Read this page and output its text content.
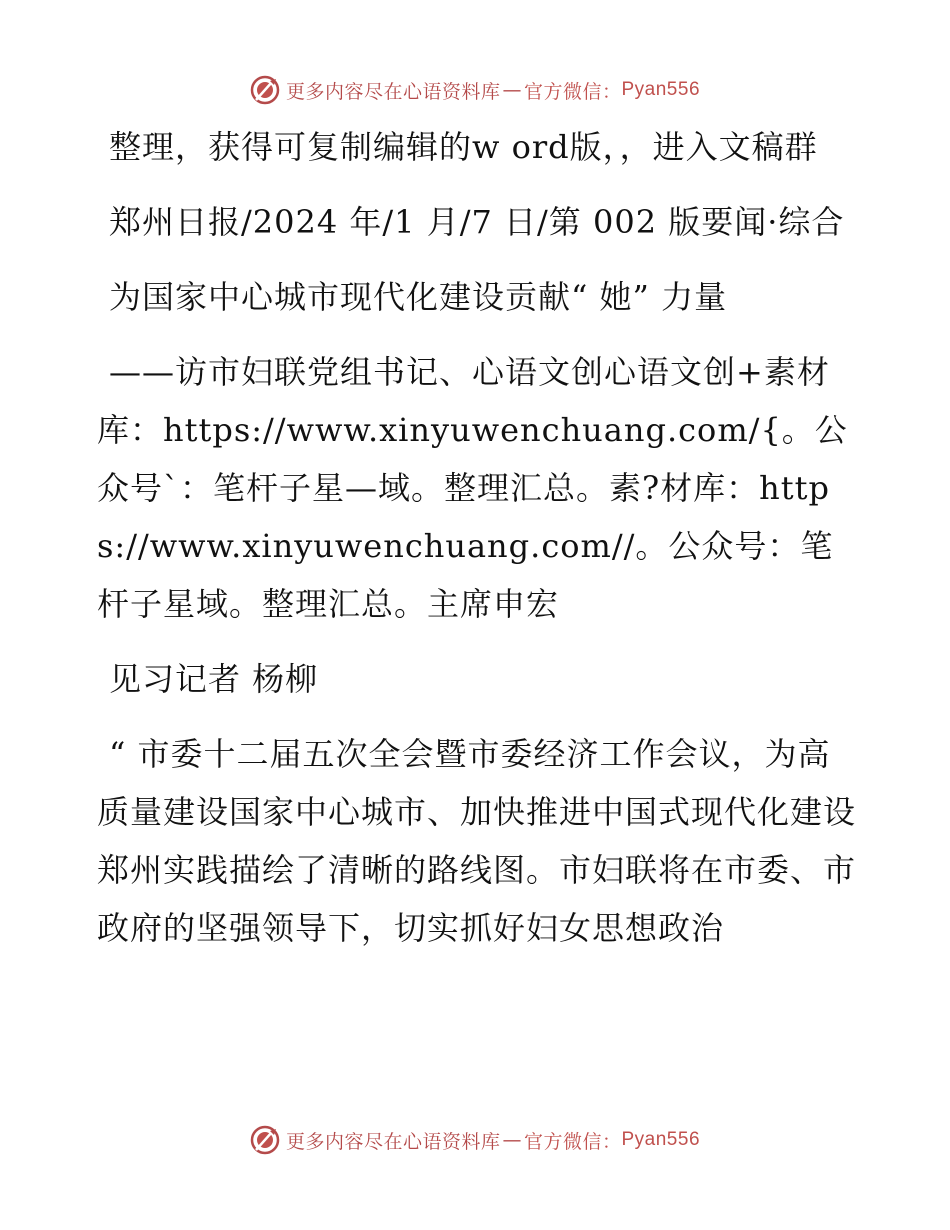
更多内容尽在心语资料库 — 官方微信： Pyan556

整理，获得可复制编辑的w ord版，，进入文稿群

郑州日报/2024 年/1 月/7 日/第 002 版要闻·综合

为国家中心城市现代化建设贡献“ 她” 力量

——访市妇联党组书记、心语文创心语文创+素材库：https://www.xinyuwenchuang.com/{。公众号`：笔杆子星—域。整理汇总。素?材库：https://www.xinyuwenchuang.com//。公众号：笔杆子星域。整理汇总。主席申宏

见习记者 杨柳

“ 市委十二届五次全会暨市委经济工作会议，为高质量建设国家中心城市、加快推进中国式现代化建设郑州实践描绘了清晰的路线图。市妇联将在市委、市政府的坚强领导下，切实抓好妇女思想政治

更多内容尽在心语资料库 — 官方微信： Pyan556
